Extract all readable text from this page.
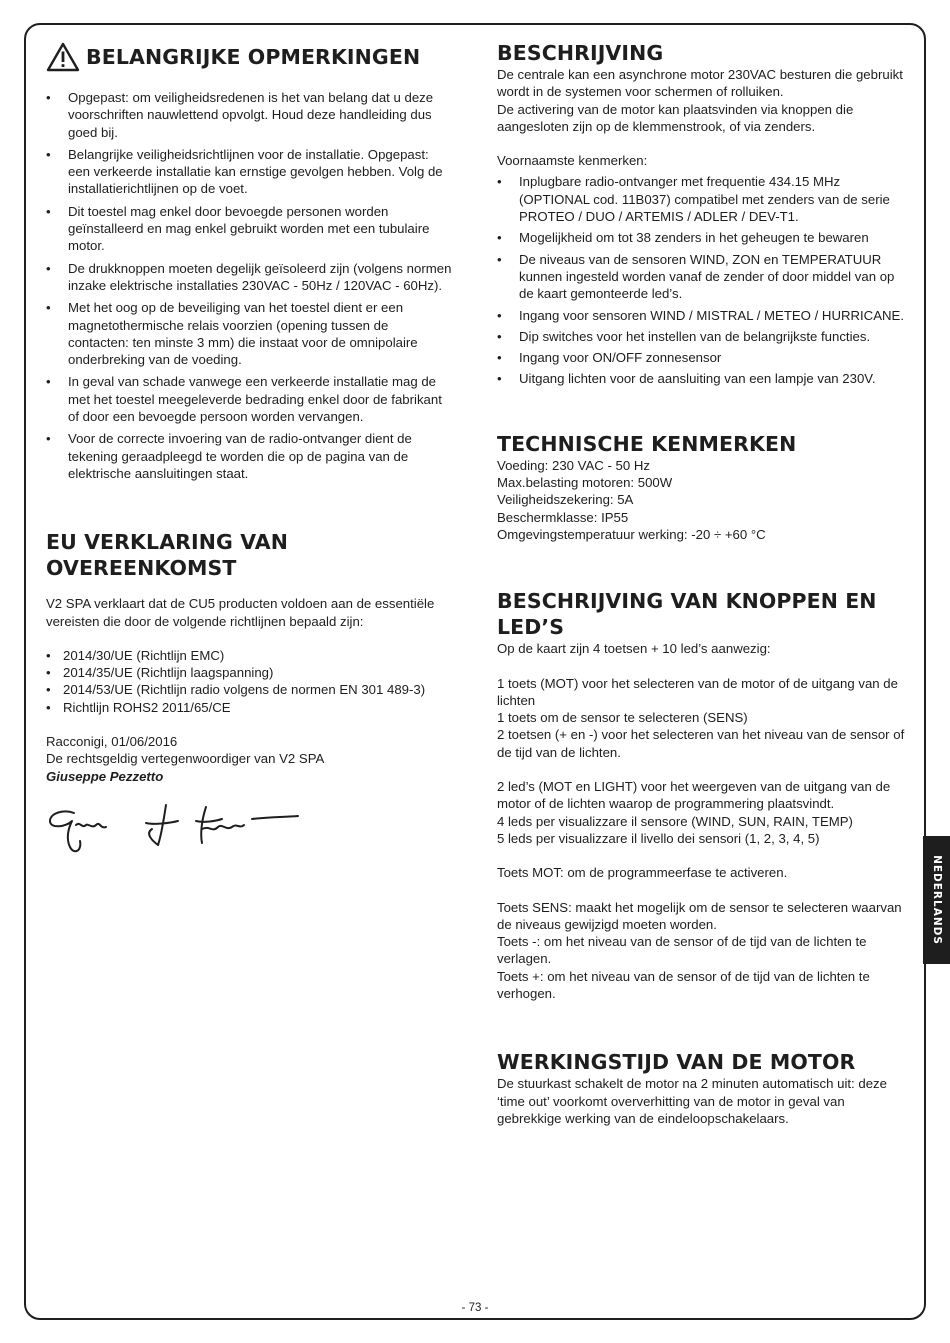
BELANGRIJKE OPMERKINGEN
• Opgepast: om veiligheidsredenen is het van belang dat u deze voorschriften nauwlettend opvolgt. Houd deze handleiding dus goed bij.
• Belangrijke veiligheidsrichtlijnen voor de installatie. Opgepast: een verkeerde installatie kan ernstige gevolgen hebben. Volg de installatierichtlijnen op de voet.
• Dit toestel mag enkel door bevoegde personen worden geïnstalleerd en mag enkel gebruikt worden met een tubulaire motor.
• De drukknoppen moeten degelijk geïsoleerd zijn (volgens normen inzake elektrische installaties 230VAC - 50Hz / 120VAC - 60Hz).
• Met het oog op de beveiliging van het toestel dient er een magnetothermische relais voorzien (opening tussen de contacten: ten minste 3 mm) die instaat voor de omnipolaire onderbreking van de voeding.
• In geval van schade vanwege een verkeerde installatie mag de met het toestel meegeleverde bedrading enkel door de fabrikant of door een bevoegde persoon worden vervangen.
• Voor de correcte invoering van de radio-ontvanger dient de tekening geraadpleegd te worden die op de pagina van de elektrische aansluitingen staat.
EU VERKLARING VAN OVEREENKOMST

V2 SPA verklaart dat de CU5 producten voldoen aan de essentiële vereisten die door de volgende richtlijnen bepaald zijn:

• 2014/30/UE (Richtlijn EMC)
• 2014/35/UE (Richtlijn laagspanning)
• 2014/53/UE (Richtlijn radio volgens de normen EN 301 489-3)
• Richtlijn ROHS2 2011/65/CE

Racconigi, 01/06/2016

De rechtsgeldig vertegenwoordiger van V2 SPA

Giuseppe Pezzetto

BESCHRIJVING

De centrale kan een asynchrone motor 230VAC besturen die gebruikt wordt in de systemen voor schermen of rolluiken.

De activering van de motor kan plaatsvinden via knoppen die aangesloten zijn op de klemmenstrook, of via zenders.

Voornaamste kenmerken:

• Inplugbare radio-ontvanger met frequentie 434.15 MHz (OPTIONAL cod. 11B037) compatibel met zenders van de serie PROTEO / DUO / ARTEMIS / ADLER / DEV-T1.
• Mogelijkheid om tot 38 zenders in het geheugen te bewaren
• De niveaus van de sensoren WIND, ZON en TEMPERATUUR kunnen ingesteld worden vanaf de zender of door middel van op de kaart gemonteerde led’s.
• Ingang voor sensoren WIND / MISTRAL / METEO / HURRICANE.
• Dip switches voor het instellen van de belangrijkste functies.
• Ingang voor ON/OFF zonnesensor
• Uitgang lichten voor de aansluiting van een lampje van 230V.
TECHNISCHE KENMERKEN

Voeding: 230 VAC - 50 Hz

Max.belasting motoren: 500W

Veiligheidszekering: 5A

Beschermklasse: IP55

Omgevingstemperatuur werking: -20 ÷ +60 °C

BESCHRIJVING VAN KNOPPEN EN LED’S

Op de kaart zijn 4 toetsen + 10 led’s aanwezig:

1 toets (MOT) voor het selecteren van de motor of de uitgang van de lichten

1 toets om de sensor te selecteren (SENS)

2 toetsen (+ en -) voor het selecteren van het niveau van de sensor of de tijd van de lichten.

2 led’s (MOT en LIGHT) voor het weergeven van de uitgang van de motor of de lichten waarop de programmering plaatsvindt.

4 leds per visualizzare il sensore (WIND, SUN, RAIN, TEMP)

5 leds per visualizzare il livello dei sensori (1, 2, 3, 4, 5)

Toets MOT: om de programmeerfase te activeren.

Toets SENS: maakt het mogelijk om de sensor te selecteren waarvan de niveaus gewijzigd moeten worden.

Toets -: om het niveau van de sensor of de tijd van de lichten te verlagen.

Toets +: om het niveau van de sensor of de tijd van de lichten te verhogen.

WERKINGSTIJD VAN DE MOTOR

De stuurkast schakelt de motor na 2 minuten automatisch uit: deze ‘time out’ voorkomt oververhitting van de motor in geval van gebrekkige werking van de eindeloopschakelaars.

NEDERLANDS
- 73 -
